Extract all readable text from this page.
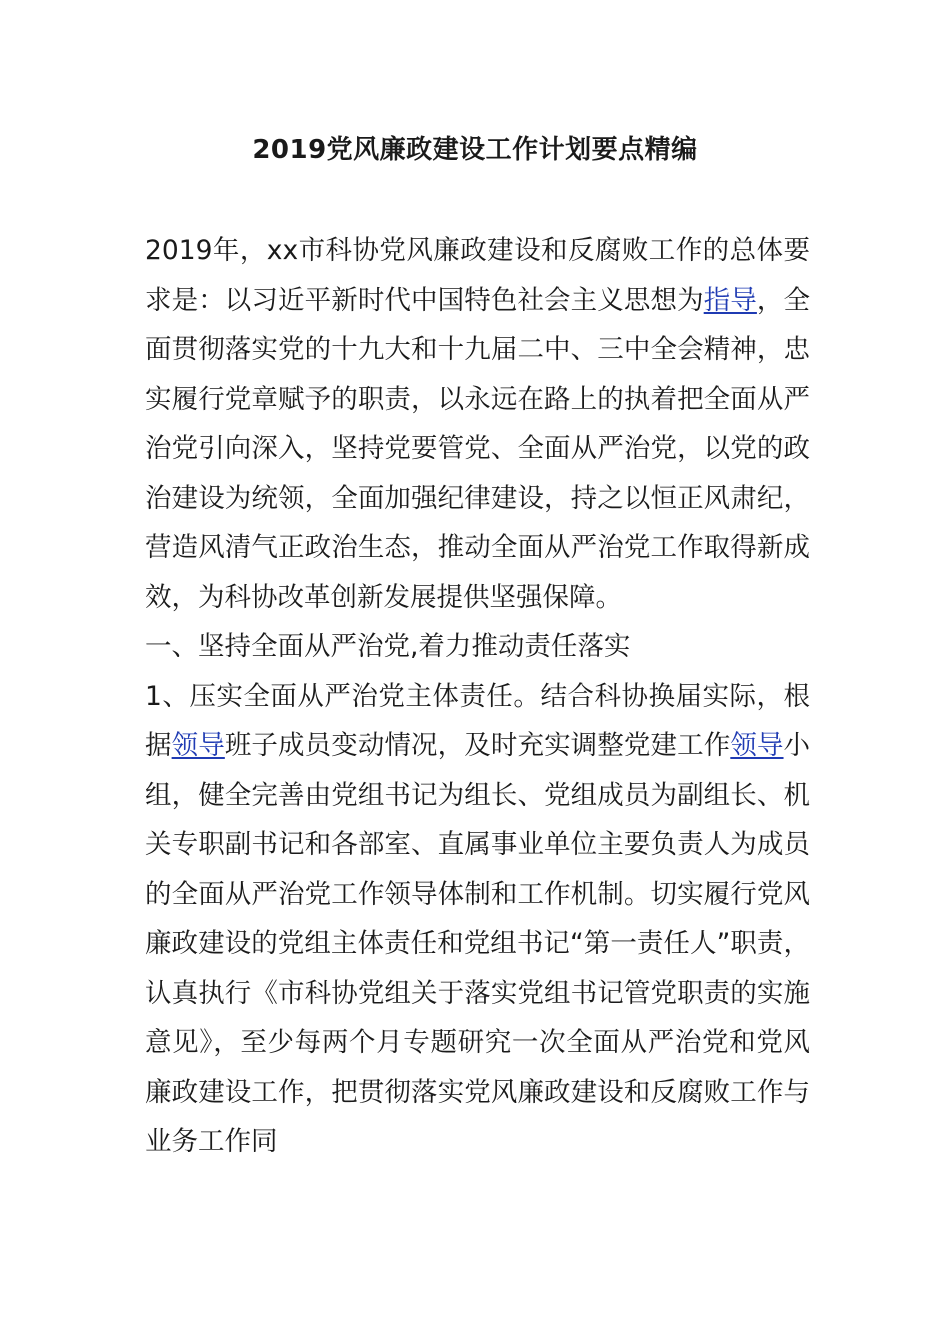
2019党风廉政建设工作计划要点精编

2019年，xx市科协党风廉政建设和反腐败工作的总体要求是：以习近平新时代中国特色社会主义思想为指导，全面贯彻落实党的十九大和十九届二中、三中全会精神，忠实履行党章赋予的职责，以永远在路上的执着把全面从严治党引向深入，坚持党要管党、全面从严治党，以党的政治建设为统领，全面加强纪律建设，持之以恒正风肃纪，营造风清气正政治生态，推动全面从严治党工作取得新成效，为科协改革创新发展提供坚强保障。

一、坚持全面从严治党,着力推动责任落实

1、压实全面从严治党主体责任。结合科协换届实际，根据领导班子成员变动情况，及时充实调整党建工作领导小组，健全完善由党组书记为组长、党组成员为副组长、机关专职副书记和各部室、直属事业单位主要负责人为成员的全面从严治党工作领导体制和工作机制。切实履行党风廉政建设的党组主体责任和党组书记“第一责任人”职责，认真执行《市科协党组关于落实党组书记管党职责的实施意见》，至少每两个月专题研究一次全面从严治党和党风廉政建设工作，把贯彻落实党风廉政建设和反腐败工作与业务工作同
